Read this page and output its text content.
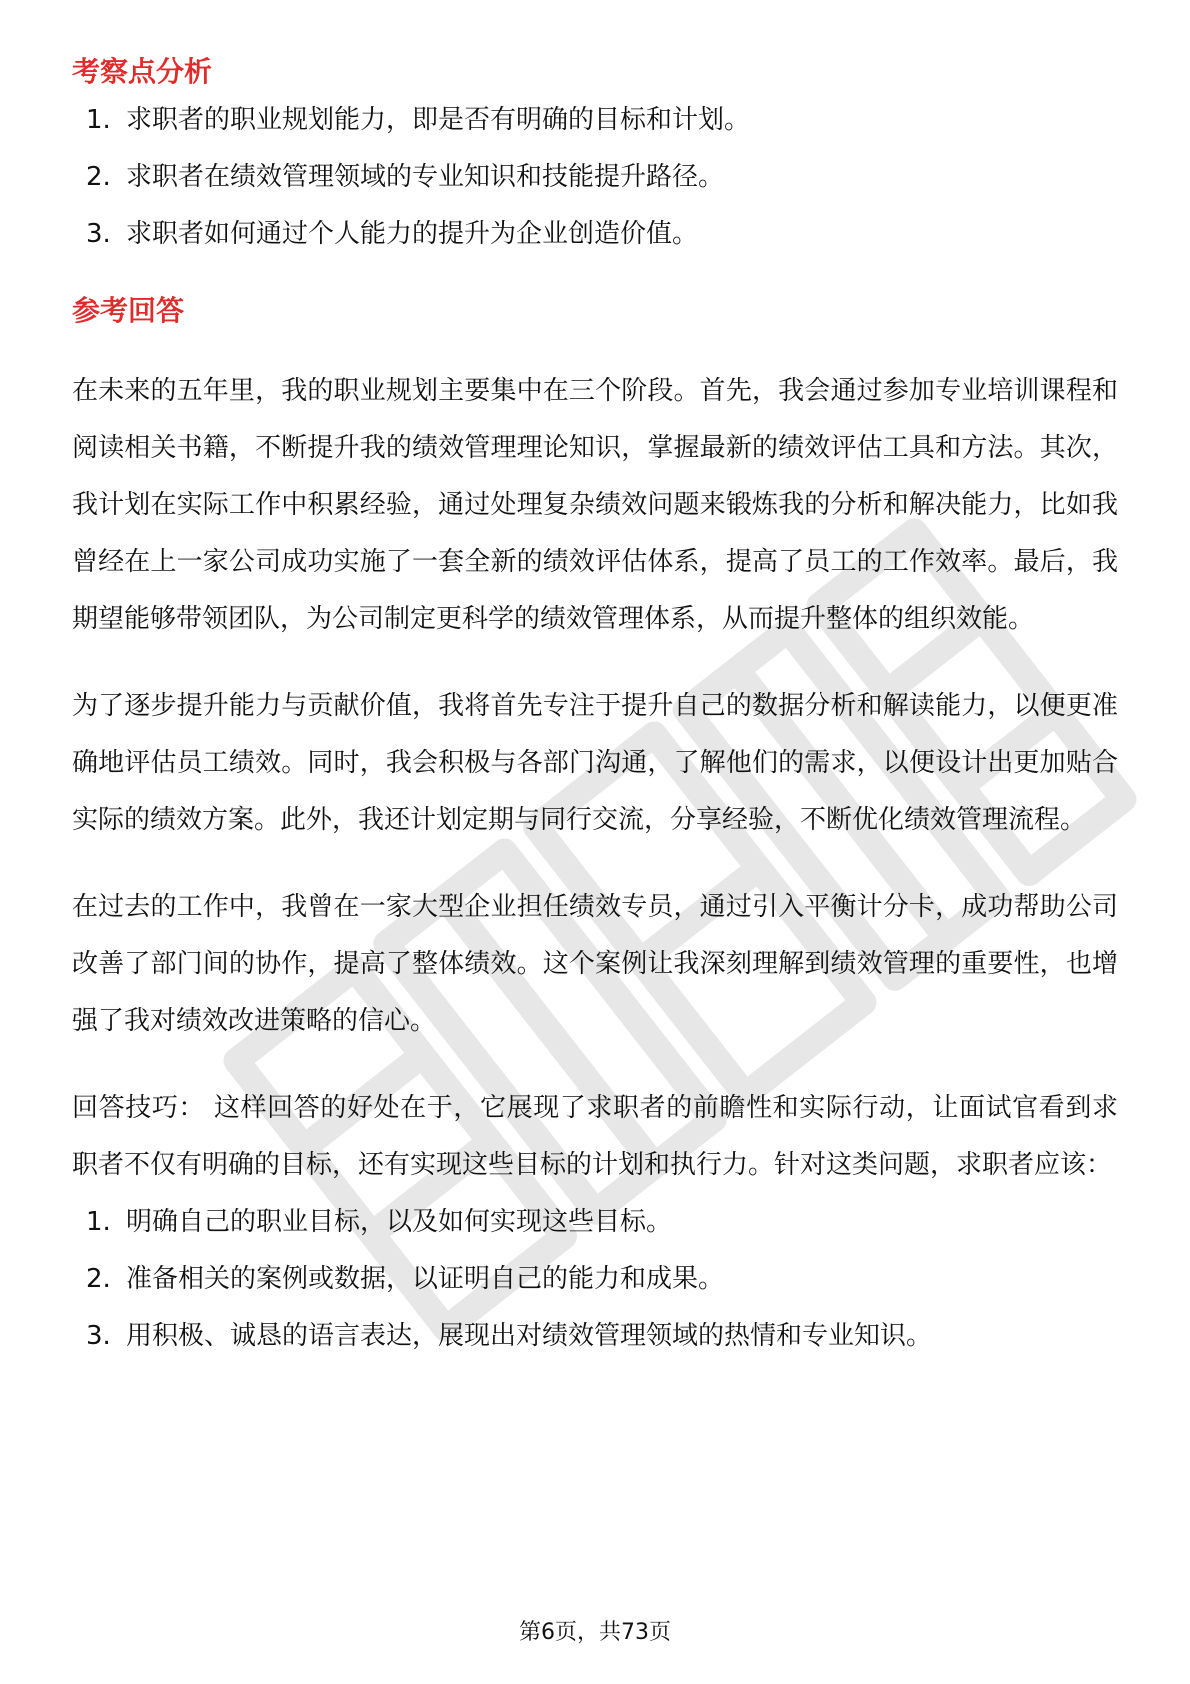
考察点分析
1. 求职者的职业规划能力，即是否有明确的目标和计划。
2. 求职者在绩效管理领域的专业知识和技能提升路径。
3. 求职者如何通过个人能力的提升为企业创造价值。
参考回答

在未来的五年里，我的职业规划主要集中在三个阶段。首先，我会通过参加专业培训课程和阅读相关书籍，不断提升我的绩效管理理论知识，掌握最新的绩效评估工具和方法。其次，我计划在实际工作中积累经验，通过处理复杂绩效问题来锻炼我的分析和解决能力，比如我曾经在上一家公司成功实施了一套全新的绩效评估体系，提高了员工的工作效率。最后，我期望能够带领团队，为公司制定更科学的绩效管理体系，从而提升整体的组织效能。

为了逐步提升能力与贡献价值，我将首先专注于提升自己的数据分析和解读能力，以便更准确地评估员工绩效。同时，我会积极与各部门沟通，了解他们的需求，以便设计出更加贴合实际的绩效方案。此外，我还计划定期与同行交流，分享经验，不断优化绩效管理流程。

在过去的工作中，我曾在一家大型企业担任绩效专员，通过引入平衡计分卡，成功帮助公司改善了部门间的协作，提高了整体绩效。这个案例让我深刻理解到绩效管理的重要性，也增强了我对绩效改进策略的信心。

回答技巧： 这样回答的好处在于，它展现了求职者的前瞻性和实际行动，让面试官看到求职者不仅有明确的目标，还有实现这些目标的计划和执行力。针对这类问题，求职者应该：

1. 明确自己的职业目标，以及如何实现这些目标。
2. 准备相关的案例或数据，以证明自己的能力和成果。
3. 用积极、诚恳的语言表达，展现出对绩效管理领域的热情和专业知识。
第6页，共73页
